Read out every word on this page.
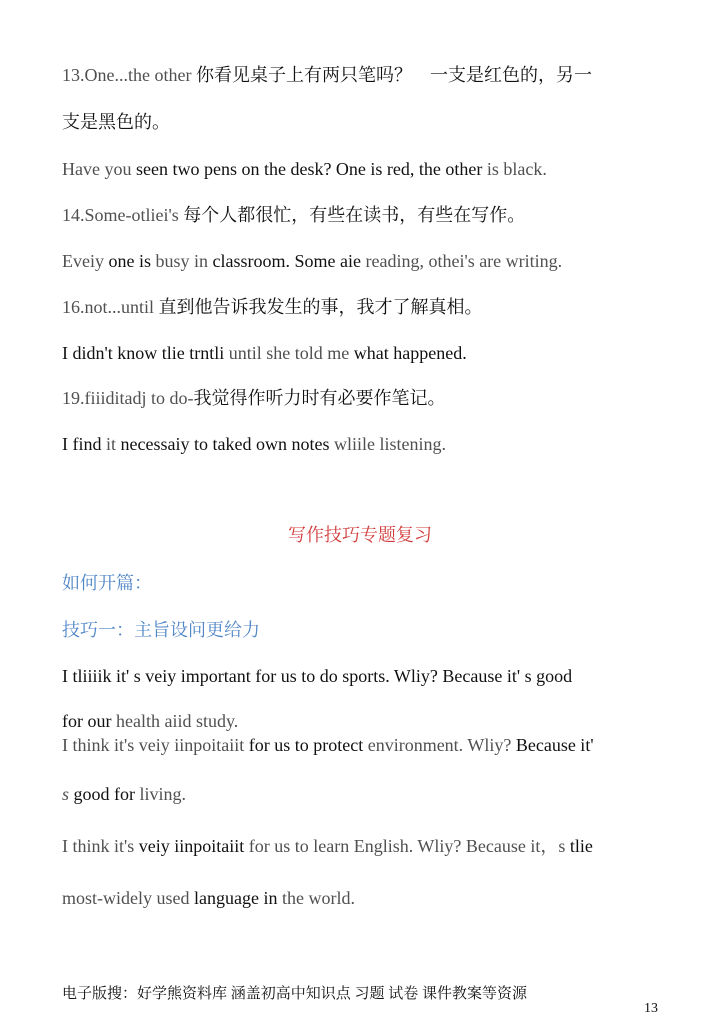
13.One...the other 你看见桌子上有两只笔吗？　一支是红色的，另一
支是黑色的。
Have you seen two pens on the desk? One is red, the other is black.
14.Some-otliei's 每个人都很忙，有些在读书，有些在写作。
Eveiy one is busy in classroom. Some aie reading, othei's are writing.
16.not...until 直到他告诉我发生的事，我才了解真相。
I didn't know tlie trntli until she told me what happened.
19.fiiiditadj to do-我觉得作听力时有必要作笔记。
I find it necessaiy to taked own notes wliile listening.
写作技巧专题复习
如何开篇：
技巧一：主旨设问更给力
I tliiiik it' s veiy important for us to do sports. Wliy? Because it' s good
for our health aiid study.
I think it's veiy iinpoitaiit for us to protect environment. Wliy? Because it'
s good for living.
I think it's veiy iinpoitaiit for us to learn English. Wliy? Because it，s tlie
most-widely used language in the world.
电子版搜：好学熊资料库 涵盖初高中知识点 习题 试卷 课件教案等资源
13
